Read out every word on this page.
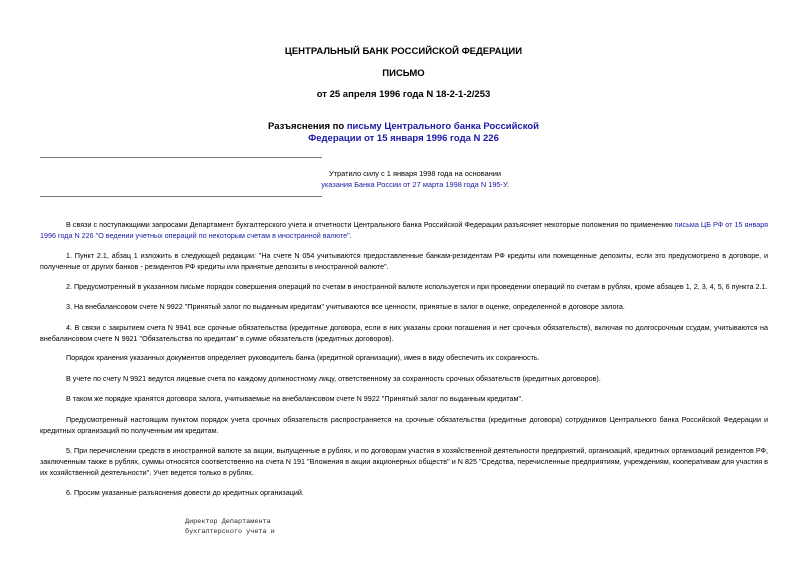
ЦЕНТРАЛЬНЫЙ БАНК РОССИЙСКОЙ ФЕДЕРАЦИИ
ПИСЬМО
от 25 апреля 1996 года N 18-2-1-2/253
Разъяснения по письму Центрального банка Российской
Федерации от 15 января 1996 года N 226
Утратило силу с 1 января 1998 года на основании
указания Банка России от 27 марта 1998 года N 195-У.
В связи с поступающими запросами Департамент бухгалтерского учета и отчетности Центрального банка Российской Федерации разъясняет некоторые положения по применению письма ЦБ РФ от 15 января 1996 года N 226 "О ведении учетных операций по некоторым счетам в иностранной валюте".
1. Пункт 2.1, абзац 1 изложить в следующей редакции: "На счете N 054 учитываются предоставленные банкам-резидентам РФ кредиты или помещенные депозиты, если это предусмотрено в договоре, и полученные от других банков - резидентов РФ кредиты или принятые депозиты в иностранной валюте".
2. Предусмотренный в указанном письме порядок совершения операций по счетам в иностранной валюте используется и при проведении операций по счетам в рублях, кроме абзацев 1, 2, 3, 4, 5, 6 пункта 2.1.
3. На внебалансовом счете N 9922 "Принятый залог по выданным кредитам" учитываются все ценности, принятые в залог в оценке, определенной в договоре залога.
4. В связи с закрытием счета N 9941 все срочные обязательства (кредитные договора, если в них указаны сроки погашения и нет срочных обязательств), включая по долгосрочным ссудам, учитываются на внебалансовом счете N 9921 "Обязательства по кредитам" в сумме обязательств (кредитных договоров).
Порядок хранения указанных документов определяет руководитель банка (кредитной организации), имея в виду обеспечить их сохранность.
В учете по счету N 9921 ведутся лицевые счета по каждому должностному лицу, ответственному за сохранность срочных обязательств (кредитных договоров).
В таком же порядке хранятся договора залога, учитываемые на внебалансовом счете N 9922 "Принятый залог по выданным кредитам".
Предусмотренный настоящим пунктом порядок учета срочных обязательств распространяется на срочные обязательства (кредитные договора) сотрудников Центрального банка Российской Федерации и кредитных организаций по полученным им кредитам.
5. При перечислении средств в иностранной валюте за акции, выпущенные в рублях, и по договорам участия в хозяйственной деятельности предприятий, организаций, кредитных организаций резидентов РФ, заключенным также в рублях, суммы относятся соответственно на счета N 191 "Вложения в акции акционерных обществ" и N 825 "Средства, перечисленные предприятиям, учреждениям, кооперативам для участия в их хозяйственной деятельности". Учет ведется только в рублях.
6. Просим указанные разъяснения довести до кредитных организаций.
Директор Департамента
бухгалтерского учета и
